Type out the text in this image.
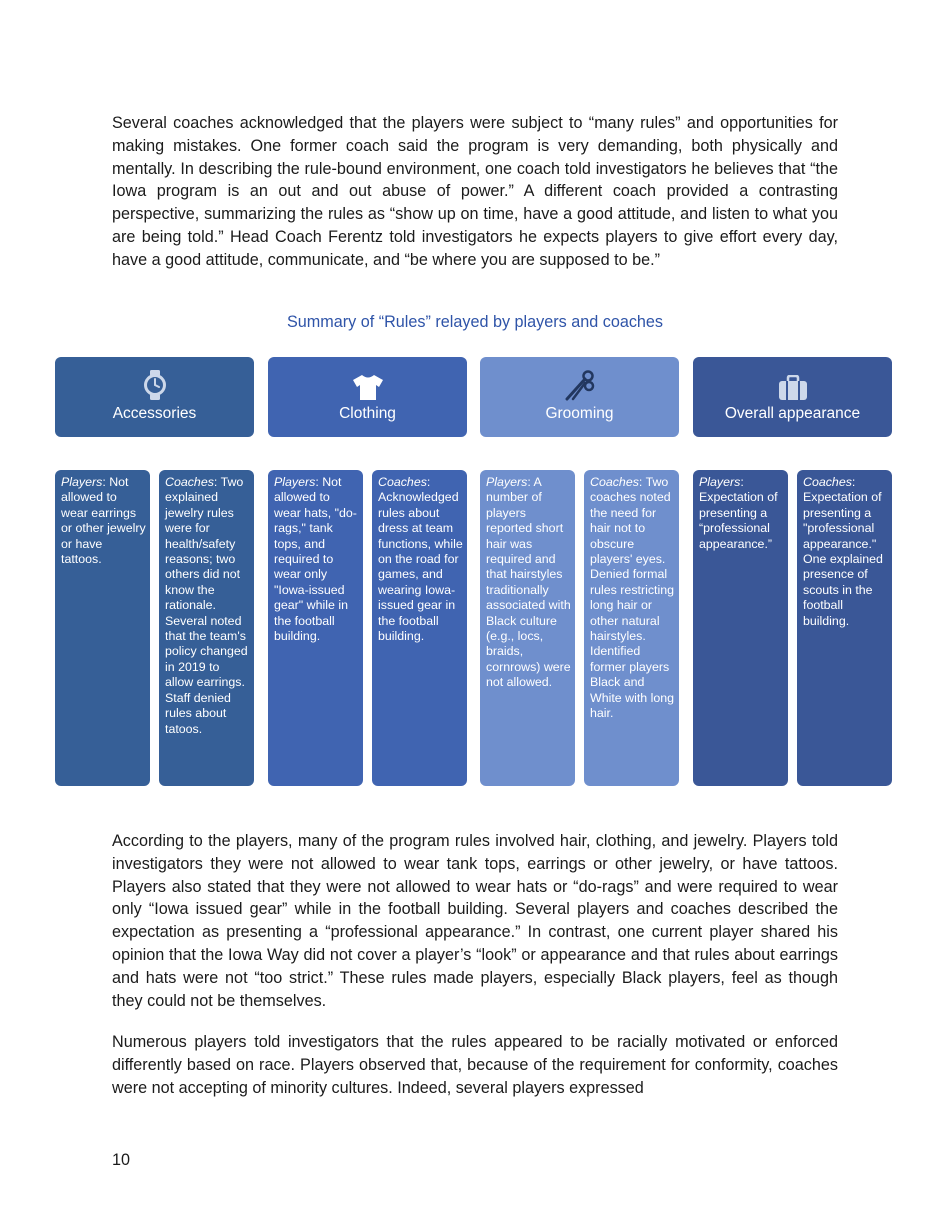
Several coaches acknowledged that the players were subject to “many rules” and opportunities for making mistakes. One former coach said the program is very demanding, both physically and mentally. In describing the rule-bound environment, one coach told investigators he believes that “the Iowa program is an out and out abuse of power.” A different coach provided a contrasting perspective, summarizing the rules as “show up on time, have a good attitude, and listen to what you are being told.” Head Coach Ferentz told investigators he expects players to give effort every day, have a good attitude, communicate, and “be where you are supposed to be.”

Summary of “Rules” relayed by players and coaches
Accessories	Clothing	Grooming	Overall appearance
Players: Not allowed to wear earrings or other jewelry or have tattoos.
Coaches: Two explained jewelry rules were for health/safety reasons; two others did not know the rationale. Several noted that the team's policy changed in 2019 to allow earrings. Staff denied rules about tatoos.
Players: Not allowed to wear hats, "do-rags," tank tops, and required to wear only "Iowa-issued gear" while in the football building.
Coaches: Acknowledged rules about dress at team functions, while on the road for games, and wearing Iowa-issued gear in the football building.
Players: A number of players reported short hair was required and that hairstyles traditionally associated with Black culture (e.g., locs, braids, cornrows) were not allowed.
Coaches: Two coaches noted the need for hair not to obscure players' eyes. Denied formal rules restricting long hair or other natural hairstyles. Identified former players Black and White with long hair.
Players: Expectation of presenting a “professional appearance.”
Coaches: Expectation of presenting a "professional appearance." One explained presence of scouts in the football building.

According to the players, many of the program rules involved hair, clothing, and jewelry. Players told investigators they were not allowed to wear tank tops, earrings or other jewelry, or have tattoos. Players also stated that they were not allowed to wear hats or “do-rags” and were required to wear only “Iowa issued gear” while in the football building. Several players and coaches described the expectation as presenting a “professional appearance.” In contrast, one current player shared his opinion that the Iowa Way did not cover a player’s “look” or appearance and that rules about earrings and hats were not “too strict.” These rules made players, especially Black players, feel as though they could not be themselves.

Numerous players told investigators that the rules appeared to be racially motivated or enforced differently based on race. Players observed that, because of the requirement for conformity, coaches were not accepting of minority cultures. Indeed, several players expressed

10
